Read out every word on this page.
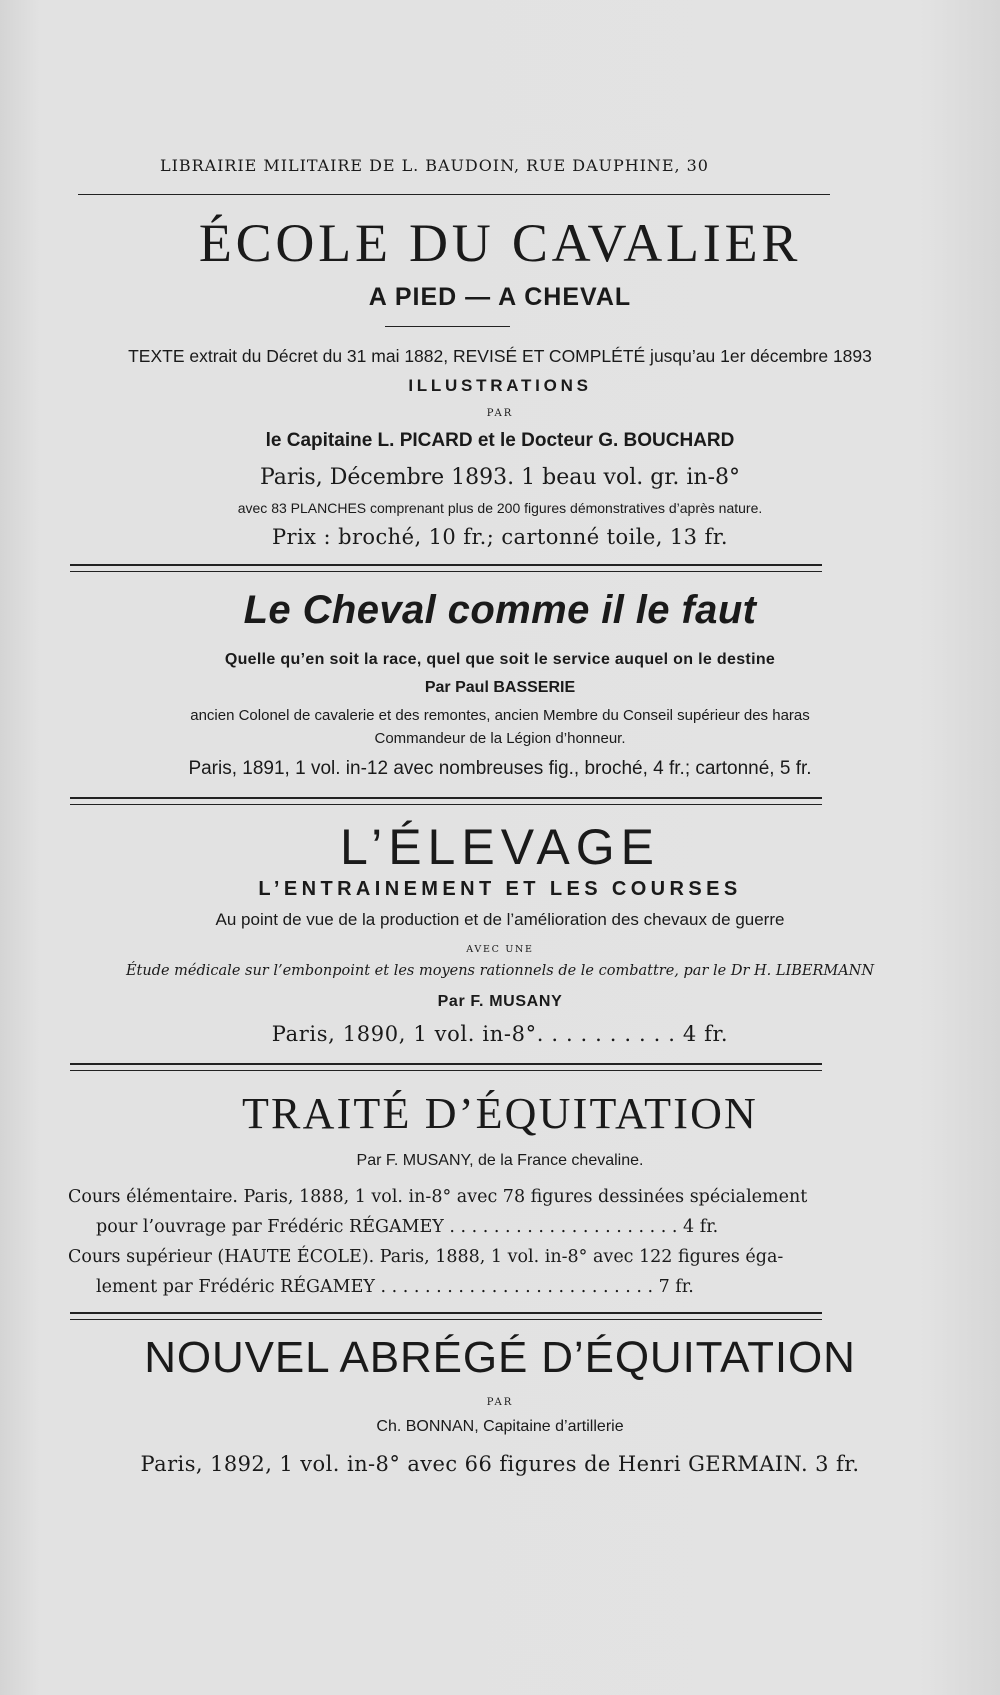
LIBRAIRIE MILITAIRE DE L. BAUDOIN, RUE DAUPHINE, 30
ÉCOLE DU CAVALIER
A PIED — A CHEVAL
TEXTE extrait du Décret du 31 mai 1882, REVISÉ ET COMPLÉTÉ jusqu’au 1er décembre 1893
ILLUSTRATIONS
PAR
le Capitaine L. PICARD et le Docteur G. BOUCHARD
Paris, Décembre 1893. 1 beau vol. gr. in-8°
avec 83 PLANCHES comprenant plus de 200 figures démonstratives d’après nature.
Prix : broché, 10 fr.; cartonné toile, 13 fr.
Le Cheval comme il le faut
Quelle qu’en soit la race, quel que soit le service auquel on le destine
Par Paul BASSERIE
ancien Colonel de cavalerie et des remontes, ancien Membre du Conseil supérieur des haras
Commandeur de la Légion d’honneur.
Paris, 1891, 1 vol. in-12 avec nombreuses fig., broché, 4 fr.; cartonné, 5 fr.
L’ÉLEVAGE
L’ENTRAINEMENT ET LES COURSES
Au point de vue de la production et de l’amélioration des chevaux de guerre
AVEC UNE
Étude médicale sur l’embonpoint et les moyens rationnels de le combattre, par le Dr H. LIBERMANN
Par F. MUSANY
Paris, 1890, 1 vol. in-8°. . . . . . . . . . 4 fr.
TRAITÉ D’ÉQUITATION
Par F. MUSANY, de la France chevaline.
Cours élémentaire. Paris, 1888, 1 vol. in-8° avec 78 figures dessinées spécialement
pour l’ouvrage par Frédéric RÉGAMEY . . . . . . . . . . . . . . . . . . . . . 4 fr.
Cours supérieur (HAUTE ÉCOLE). Paris, 1888, 1 vol. in-8° avec 122 figures éga-
lement par Frédéric RÉGAMEY . . . . . . . . . . . . . . . . . . . . . . . . . 7 fr.
NOUVEL ABRÉGÉ D’ÉQUITATION
PAR
Ch. BONNAN, Capitaine d’artillerie
Paris, 1892, 1 vol. in-8° avec 66 figures de Henri GERMAIN. 3 fr.
